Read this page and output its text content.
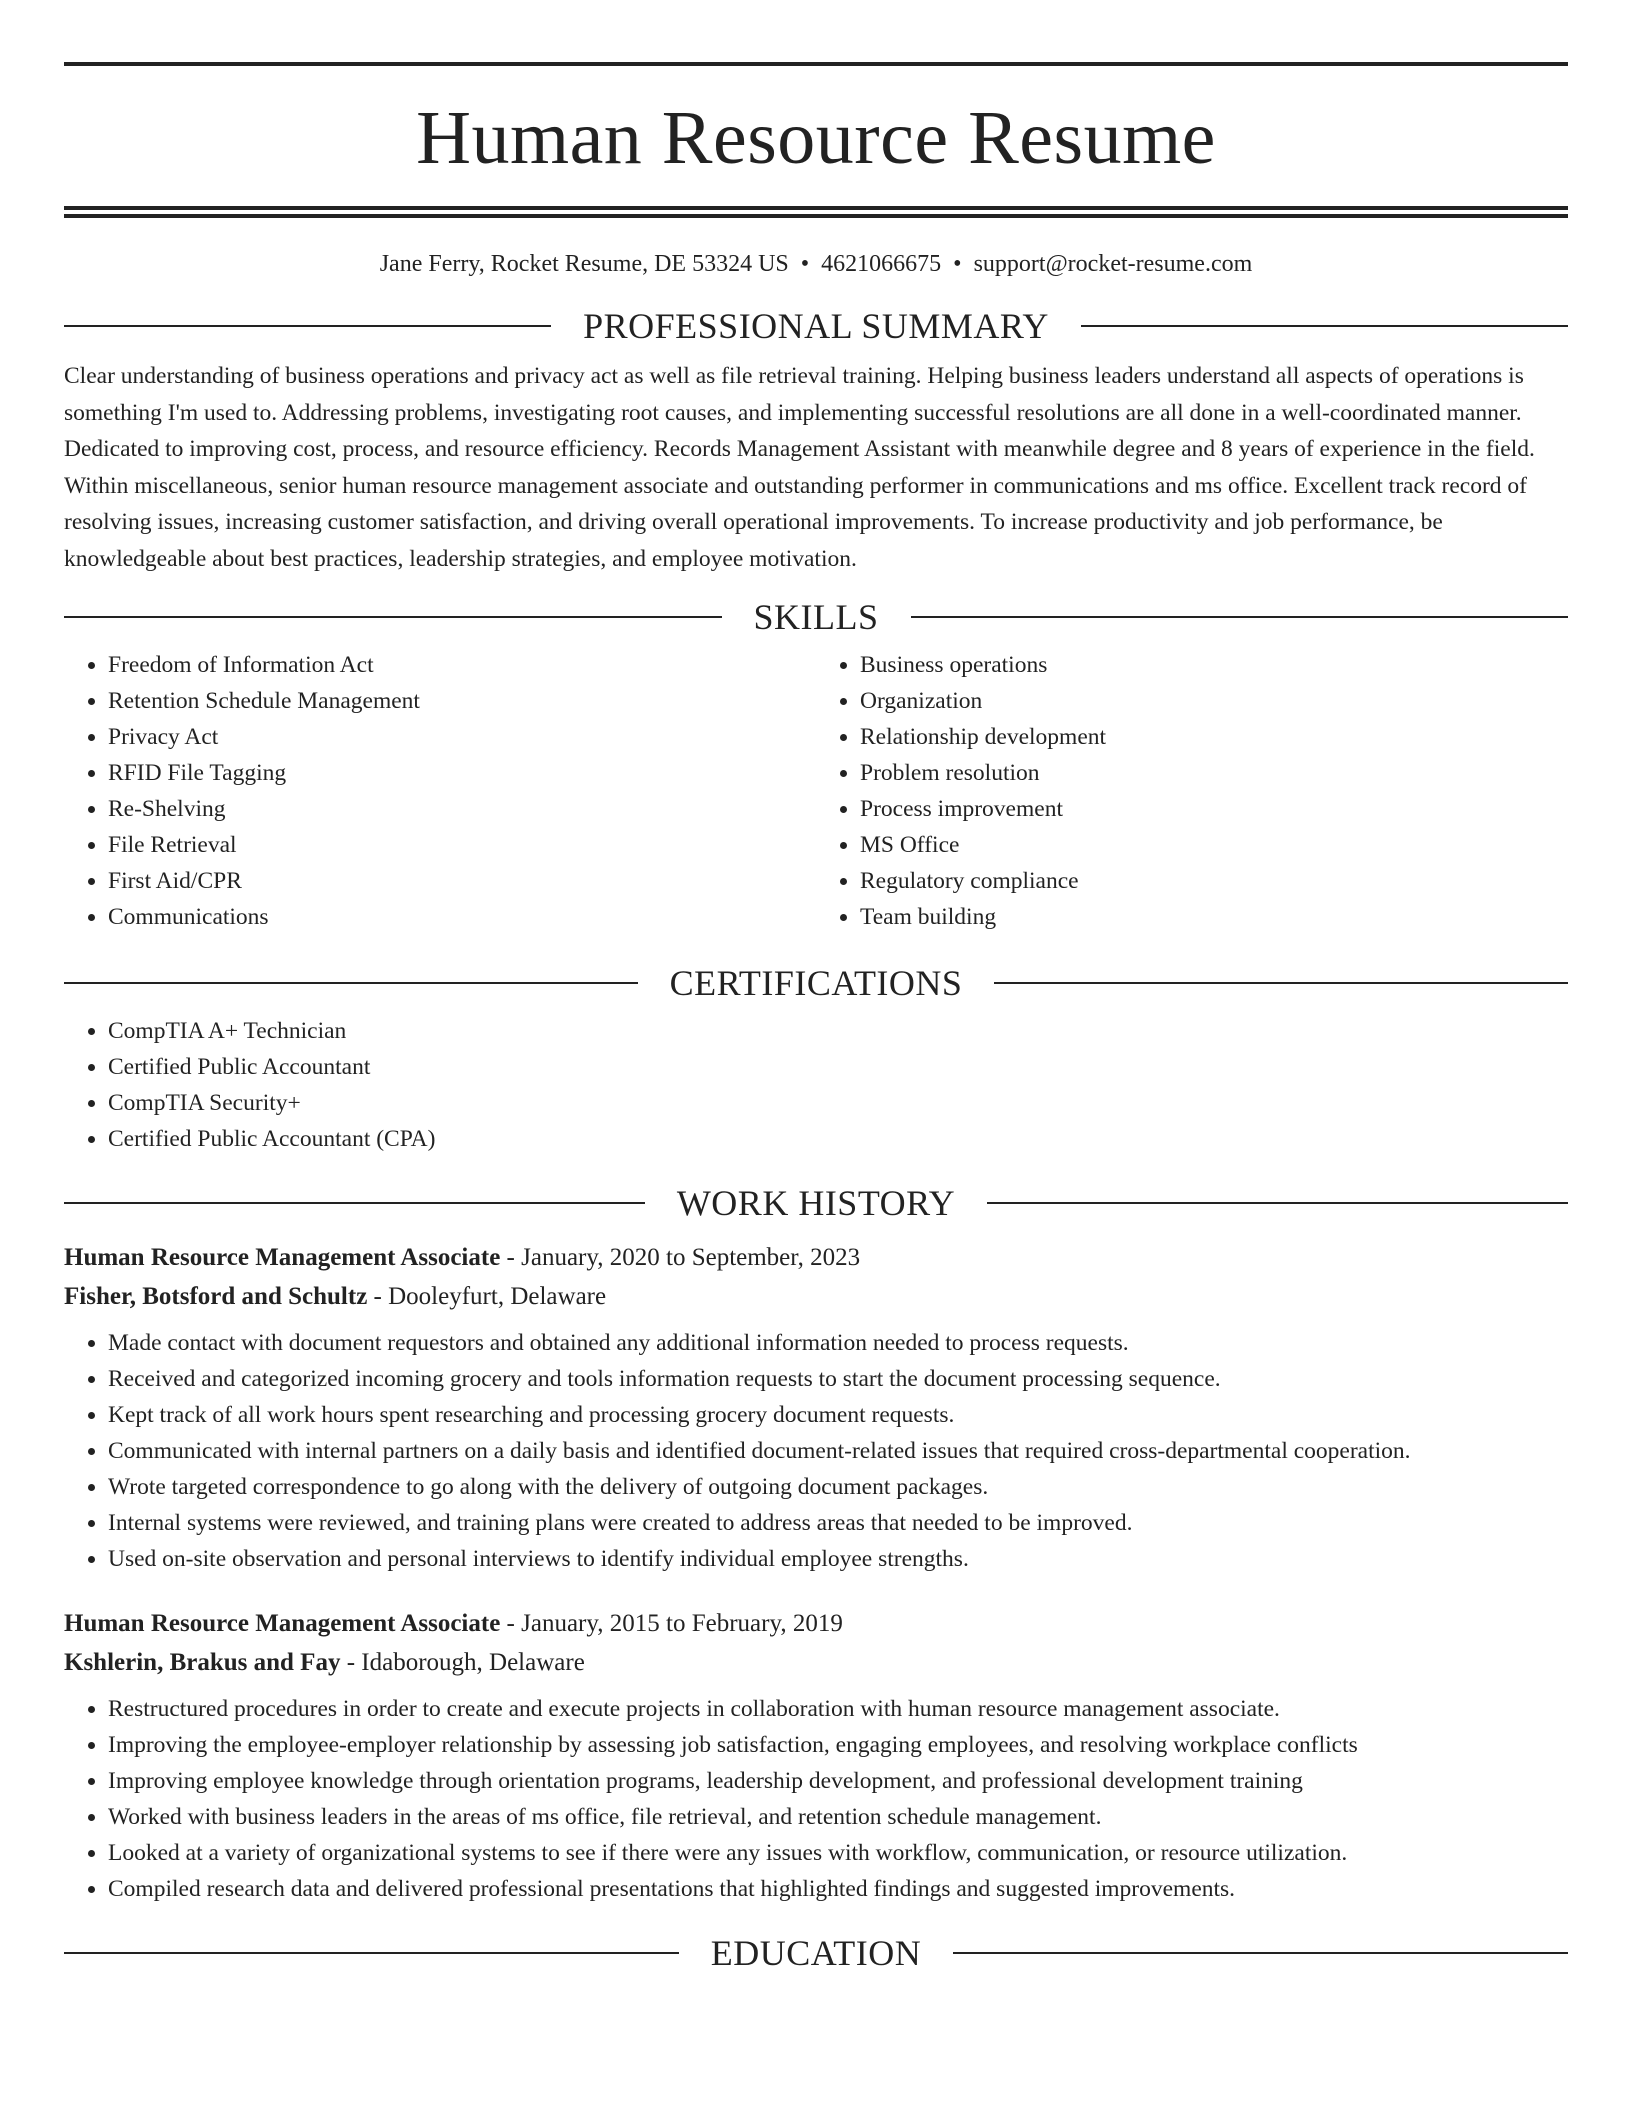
Human Resource Resume
Jane Ferry, Rocket Resume, DE 53324 US • 4621066675 • support@rocket-resume.com
PROFESSIONAL SUMMARY

Clear understanding of business operations and privacy act as well as file retrieval training. Helping business leaders understand all aspects of operations is something I'm used to. Addressing problems, investigating root causes, and implementing successful resolutions are all done in a well-coordinated manner. Dedicated to improving cost, process, and resource efficiency. Records Management Assistant with meanwhile degree and 8 years of experience in the field. Within miscellaneous, senior human resource management associate and outstanding performer in communications and ms office. Excellent track record of resolving issues, increasing customer satisfaction, and driving overall operational improvements. To increase productivity and job performance, be knowledgeable about best practices, leadership strategies, and employee motivation.

SKILLS
• Freedom of Information Act
• Retention Schedule Management
• Privacy Act
• RFID File Tagging
• Re-Shelving
• File Retrieval
• First Aid/CPR
• Communications
• Business operations
• Organization
• Relationship development
• Problem resolution
• Process improvement
• MS Office
• Regulatory compliance
• Team building
CERTIFICATIONS
• CompTIA A+ Technician
• Certified Public Accountant
• CompTIA Security+
• Certified Public Accountant (CPA)
WORK HISTORY
Human Resource Management Associate - January, 2020 to September, 2023
Fisher, Botsford and Schultz - Dooleyfurt, Delaware
• Made contact with document requestors and obtained any additional information needed to process requests.
• Received and categorized incoming grocery and tools information requests to start the document processing sequence.
• Kept track of all work hours spent researching and processing grocery document requests.
• Communicated with internal partners on a daily basis and identified document-related issues that required cross-departmental cooperation.
• Wrote targeted correspondence to go along with the delivery of outgoing document packages.
• Internal systems were reviewed, and training plans were created to address areas that needed to be improved.
• Used on-site observation and personal interviews to identify individual employee strengths.
Human Resource Management Associate - January, 2015 to February, 2019
Kshlerin, Brakus and Fay - Idaborough, Delaware
• Restructured procedures in order to create and execute projects in collaboration with human resource management associate.
• Improving the employee-employer relationship by assessing job satisfaction, engaging employees, and resolving workplace conflicts
• Improving employee knowledge through orientation programs, leadership development, and professional development training
• Worked with business leaders in the areas of ms office, file retrieval, and retention schedule management.
• Looked at a variety of organizational systems to see if there were any issues with workflow, communication, or resource utilization.
• Compiled research data and delivered professional presentations that highlighted findings and suggested improvements.
EDUCATION
